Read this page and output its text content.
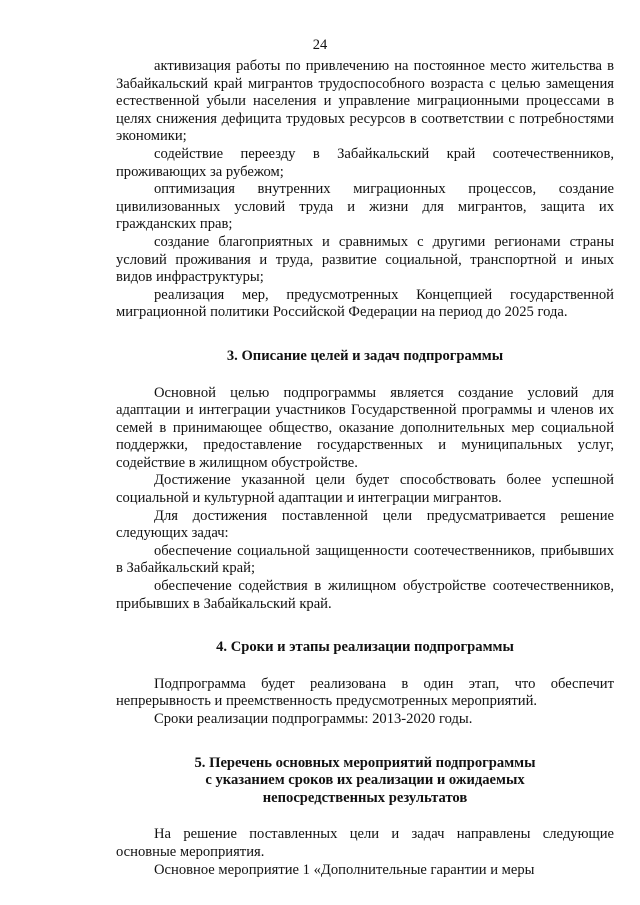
24

активизация работы по привлечению на постоянное место жительства в Забайкальский край мигрантов трудоспособного возраста с целью замещения естественной убыли населения и управление миграционными процессами в целях снижения дефицита трудовых ресурсов в соответствии с потребностями экономики;

содействие переезду в Забайкальский край соотечественников, проживающих за рубежом;

оптимизация внутренних миграционных процессов, создание цивилизованных условий труда и жизни для мигрантов, защита их гражданских прав;

создание благоприятных и сравнимых с другими регионами страны условий проживания и труда, развитие социальной, транспортной и иных видов инфраструктуры;

реализация мер, предусмотренных Концепцией государственной миграционной политики Российской Федерации на период до 2025 года.

3. Описание целей и задач подпрограммы

Основной целью подпрограммы является создание условий для адаптации и интеграции участников Государственной программы и членов их семей в принимающее общество, оказание дополнительных мер социальной поддержки, предоставление государственных и муниципальных услуг, содействие в жилищном обустройстве.

Достижение указанной цели будет способствовать более успешной социальной и культурной адаптации и интеграции мигрантов.

Для достижения поставленной цели предусматривается решение следующих задач:

обеспечение социальной защищенности соотечественников, прибывших в Забайкальский край;

обеспечение содействия в жилищном обустройстве соотечественников, прибывших в Забайкальский край.

4. Сроки и этапы реализации подпрограммы

Подпрограмма будет реализована в один этап, что обеспечит непрерывность и преемственность предусмотренных мероприятий.

Сроки реализации подпрограммы: 2013-2020 годы.

5. Перечень основных мероприятий подпрограммы
с указанием сроков их реализации и ожидаемых
непосредственных результатов

На решение поставленных цели и задач направлены следующие основные мероприятия.

Основное мероприятие 1 «Дополнительные гарантии и меры
